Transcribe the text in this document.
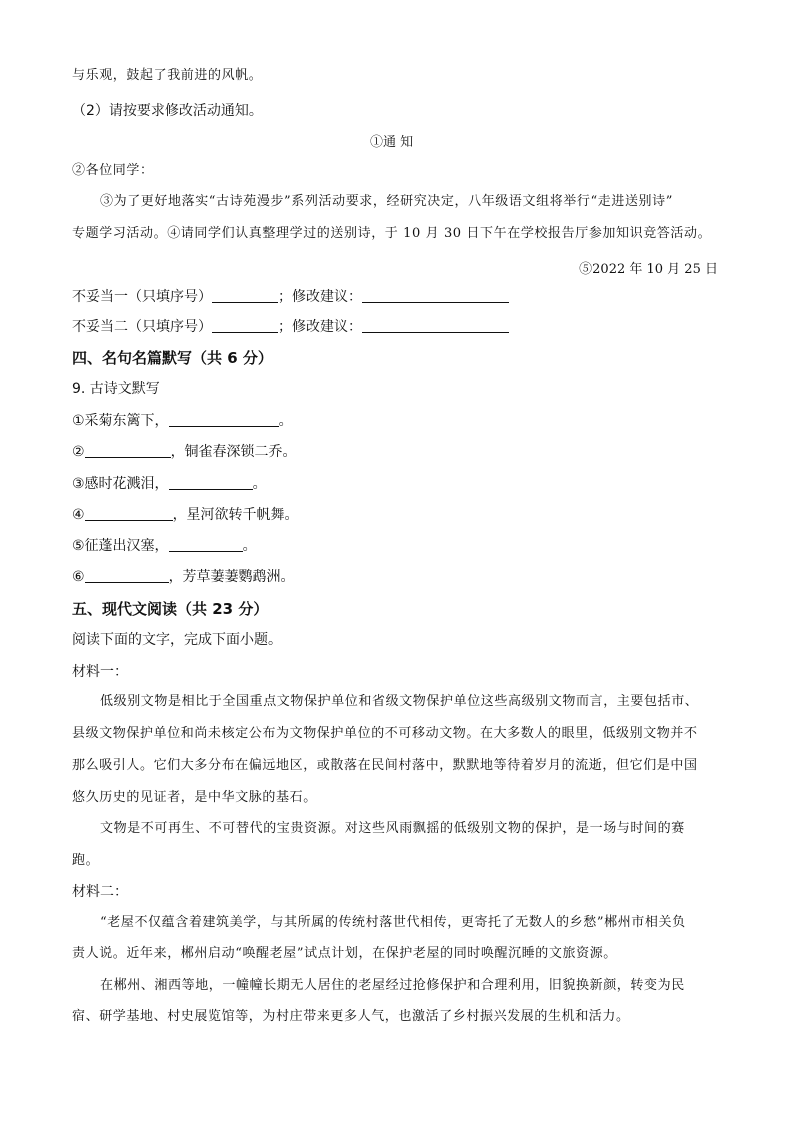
与乐观，鼓起了我前进的风帆。
（2）请按要求修改活动通知。
①通 知
②各位同学：
③为了更好地落实“古诗苑漫步”系列活动要求，经研究决定，八年级语文组将举行“走进送别诗”
专题学习活动。④请同学们认真整理学过的送别诗，于 10 月 30 日下午在学校报告厅参加知识竞答活动。
⑤2022 年 10 月 25 日
不妥当一（只填序号）	；修改建议：
不妥当二（只填序号）	；修改建议：
四、名句名篇默写（共 6 分）
9. 古诗文默写
①采菊东篱下，	。
②	，铜雀春深锁二乔。
③感时花溅泪，	。
④	，星河欲转千帆舞。
⑤征蓬出汉塞，	。
⑥	，芳草萋萋鹦鹉洲。
五、现代文阅读（共 23 分）
阅读下面的文字，完成下面小题。
材料一：
低级别文物是相比于全国重点文物保护单位和省级文物保护单位这些高级别文物而言，主要包括市、
县级文物保护单位和尚未核定公布为文物保护单位的不可移动文物。在大多数人的眼里，低级别文物并不
那么吸引人。它们大多分布在偏远地区，或散落在民间村落中，默默地等待着岁月的流逝，但它们是中国
悠久历史的见证者，是中华文脉的基石。
文物是不可再生、不可替代的宝贵资源。对这些风雨飘摇的低级别文物的保护，是一场与时间的赛
跑。
材料二：
“老屋不仅蕴含着建筑美学，与其所属的传统村落世代相传，更寄托了无数人的乡愁”郴州市相关负
责人说。近年来，郴州启动“唤醒老屋”试点计划，在保护老屋的同时唤醒沉睡的文旅资源。
在郴州、湘西等地，一幢幢长期无人居住的老屋经过抢修保护和合理利用，旧貌换新颜，转变为民
宿、研学基地、村史展览馆等，为村庄带来更多人气，也激活了乡村振兴发展的生机和活力。
